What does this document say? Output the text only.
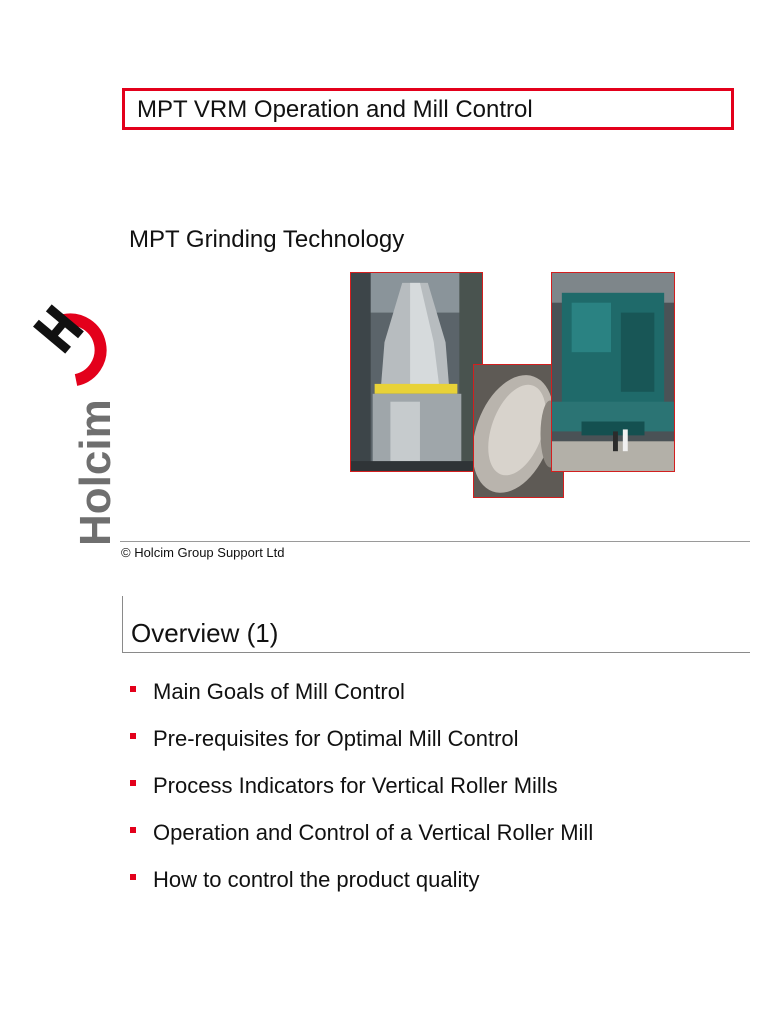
MPT VRM Operation and Mill Control
MPT Grinding Technology
Holcim
© Holcim Group Support Ltd
Overview (1)
Main Goals of Mill Control
Pre-requisites for Optimal Mill Control
Process Indicators for Vertical Roller Mills
Operation and Control of a Vertical Roller Mill
How to control the product quality
